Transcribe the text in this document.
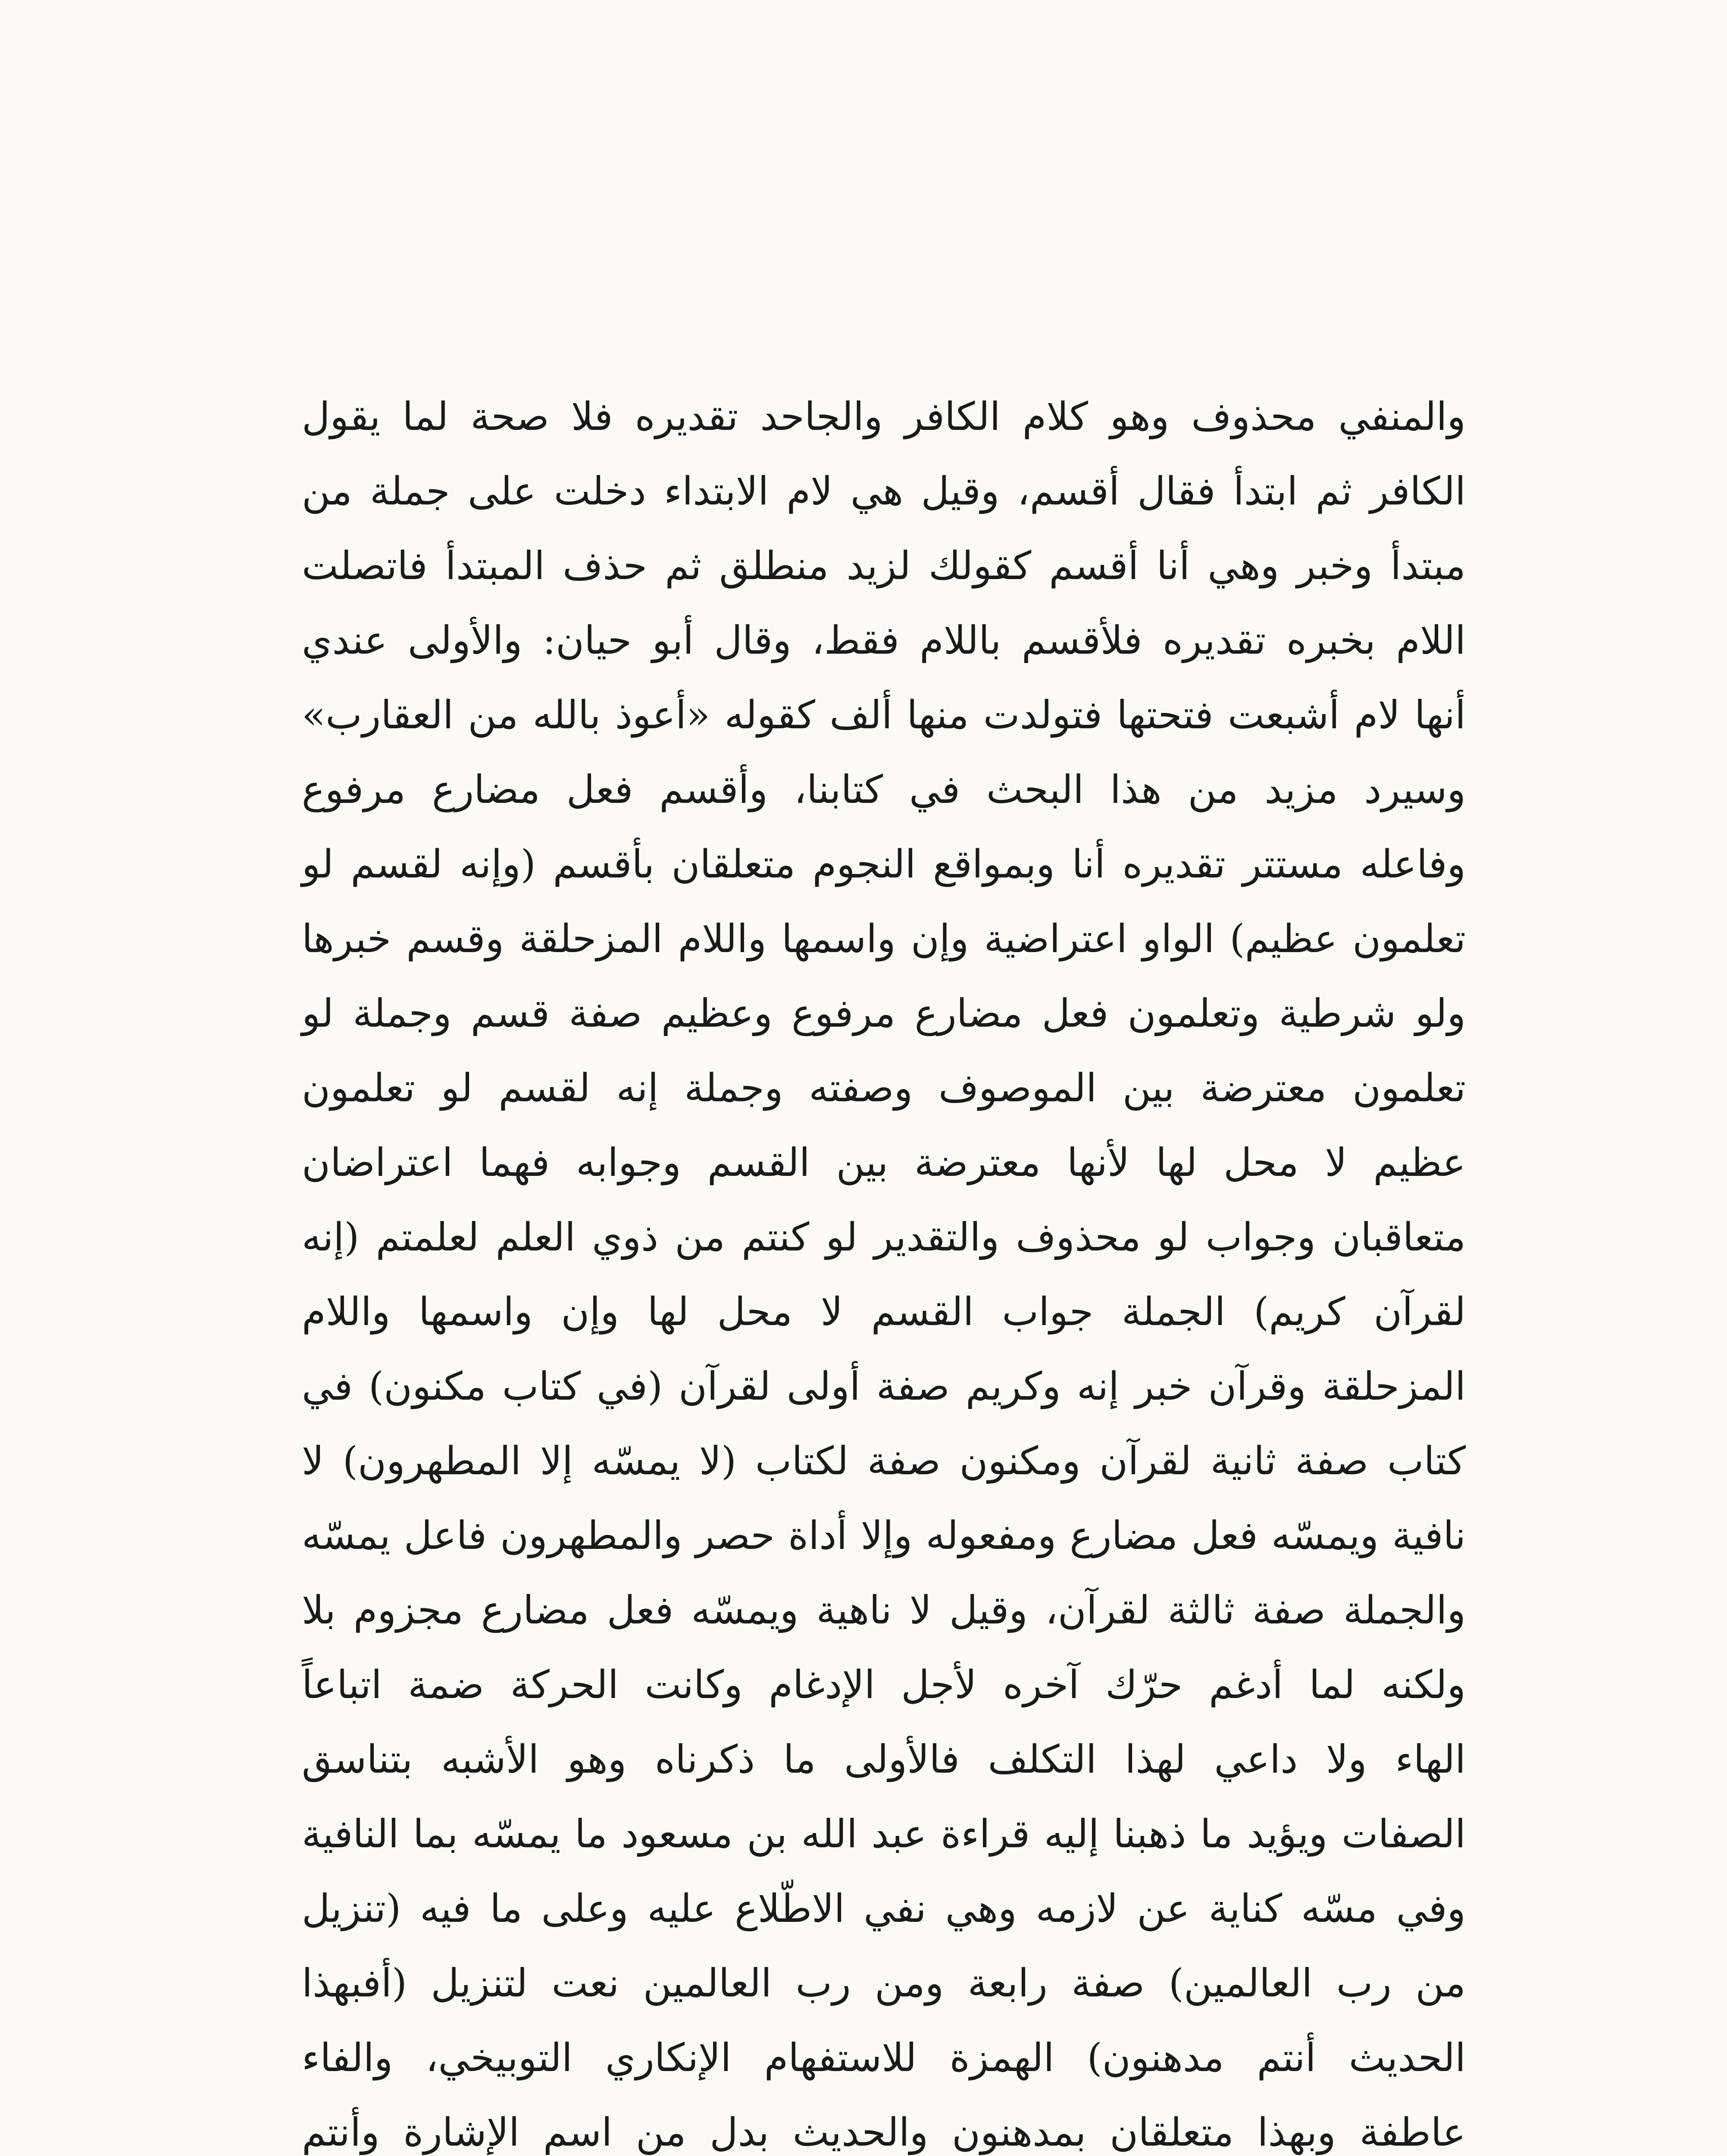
والمنفي محذوف وهو كلام الكافر والجاحد تقديره فلا صحة لما يقول
الكافر ثم ابتدأ فقال أقسم، وقيل هي لام الابتداء دخلت على جملة من
مبتدأ وخبر وهي أنا أقسم كقولك لزيد منطلق ثم حذف المبتدأ فاتصلت
اللام بخبره تقديره فلأقسم باللام فقط، وقال أبو حيان: والأولى عندي
أنها لام أشبعت فتحتها فتولدت منها ألف كقوله «أعوذ بالله من العقارب»
وسيرد مزيد من هذا البحث في كتابنا، وأقسم فعل مضارع مرفوع
وفاعله مستتر تقديره أنا وبمواقع النجوم متعلقان بأقسم (وإنه لقسم لو
تعلمون عظيم) الواو اعتراضية وإن واسمها واللام المزحلقة وقسم خبرها
ولو شرطية وتعلمون فعل مضارع مرفوع وعظيم صفة قسم وجملة لو
تعلمون معترضة بين الموصوف وصفته وجملة إنه لقسم لو تعلمون
عظيم لا محل لها لأنها معترضة بين القسم وجوابه فهما اعتراضان
متعاقبان وجواب لو محذوف والتقدير لو كنتم من ذوي العلم لعلمتم (إنه
لقرآن كريم) الجملة جواب القسم لا محل لها وإن واسمها واللام
المزحلقة وقرآن خبر إنه وكريم صفة أولى لقرآن (في كتاب مكنون) في
كتاب صفة ثانية لقرآن ومكنون صفة لكتاب (لا يمسّه إلا المطهرون) لا
نافية ويمسّه فعل مضارع ومفعوله وإلا أداة حصر والمطهرون فاعل يمسّه
والجملة صفة ثالثة لقرآن، وقيل لا ناهية ويمسّه فعل مضارع مجزوم بلا
ولكنه لما أدغم حرّك آخره لأجل الإدغام وكانت الحركة ضمة اتباعاً
الهاء ولا داعي لهذا التكلف فالأولى ما ذكرناه وهو الأشبه بتناسق
الصفات ويؤيد ما ذهبنا إليه قراءة عبد الله بن مسعود ما يمسّه بما النافية
وفي مسّه كناية عن لازمه وهي نفي الاطّلاع عليه وعلى ما فيه (تنزيل
من رب العالمين) صفة رابعة ومن رب العالمين نعت لتنزيل (أفبهذا
الحديث أنتم مدهنون) الهمزة للاستفهام الإنكاري التوبيخي، والفاء
عاطفة وبهذا متعلقان بمدهنون والحديث بدل من اسم الإشارة وأنتم
